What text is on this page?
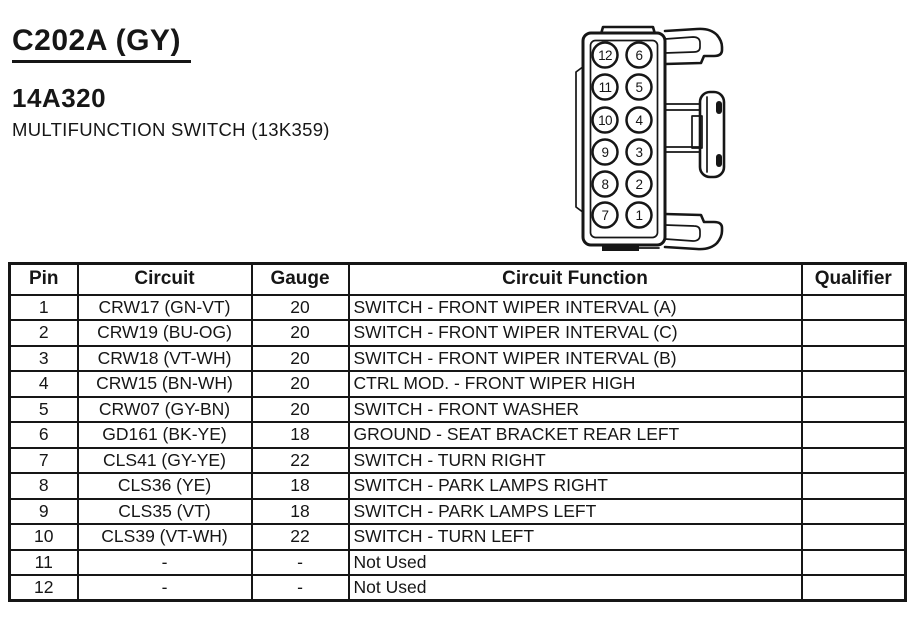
C202A (GY)
14A320
MULTIFUNCTION SWITCH (13K359)
12
11
10
9
8
7
6
5
4
3
2
1
Pin	Circuit	Gauge	Circuit Function	Qualifier
1	CRW17 (GN-VT)	20	SWITCH - FRONT WIPER INTERVAL (A)	
2	CRW19 (BU-OG)	20	SWITCH - FRONT WIPER INTERVAL (C)	
3	CRW18 (VT-WH)	20	SWITCH - FRONT WIPER INTERVAL (B)	
4	CRW15 (BN-WH)	20	CTRL MOD. - FRONT WIPER HIGH	
5	CRW07 (GY-BN)	20	SWITCH - FRONT WASHER	
6	GD161 (BK-YE)	18	GROUND - SEAT BRACKET REAR LEFT	
7	CLS41 (GY-YE)	22	SWITCH - TURN RIGHT	
8	CLS36 (YE)	18	SWITCH - PARK LAMPS RIGHT	
9	CLS35 (VT)	18	SWITCH - PARK LAMPS LEFT	
10	CLS39 (VT-WH)	22	SWITCH - TURN LEFT	
11	-	-	Not Used	
12	-	-	Not Used	
